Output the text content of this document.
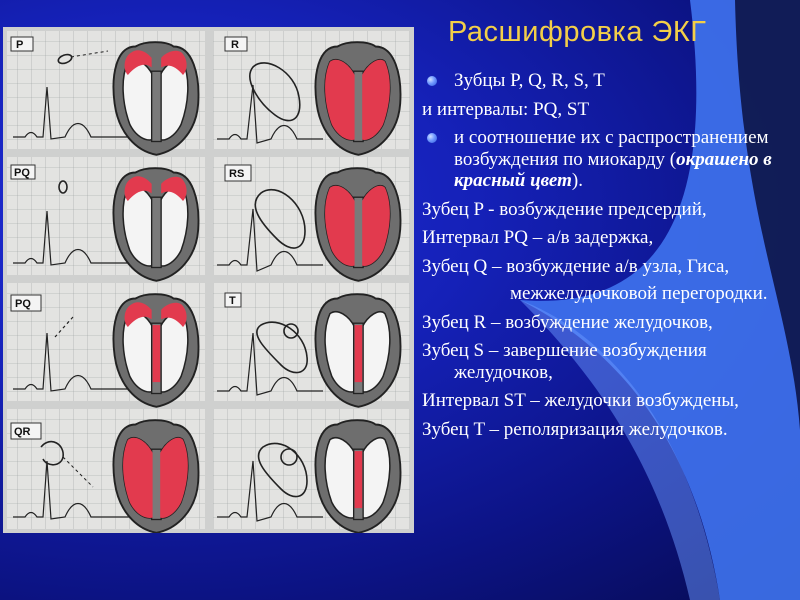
Расшифровка ЭКГ
P	R
PQ	RS
PQ	T
QR
Зубцы P, Q, R, S, T
и интервалы: PQ, ST
и соотношение их с распространением возбуждения по миокарду (окрашено в красный цвет).
Зубец P - возбуждение предсердий,
Интервал PQ – а/в задержка,
Зубец Q – возбуждение а/в узла, Гиса,
межжелудочковой перегородки.
Зубец R – возбуждение желудочков,
Зубец S – завершение возбуждения желудочков,
Интервал ST – желудочки возбуждены,
Зубец T – реполяризация желудочков.
